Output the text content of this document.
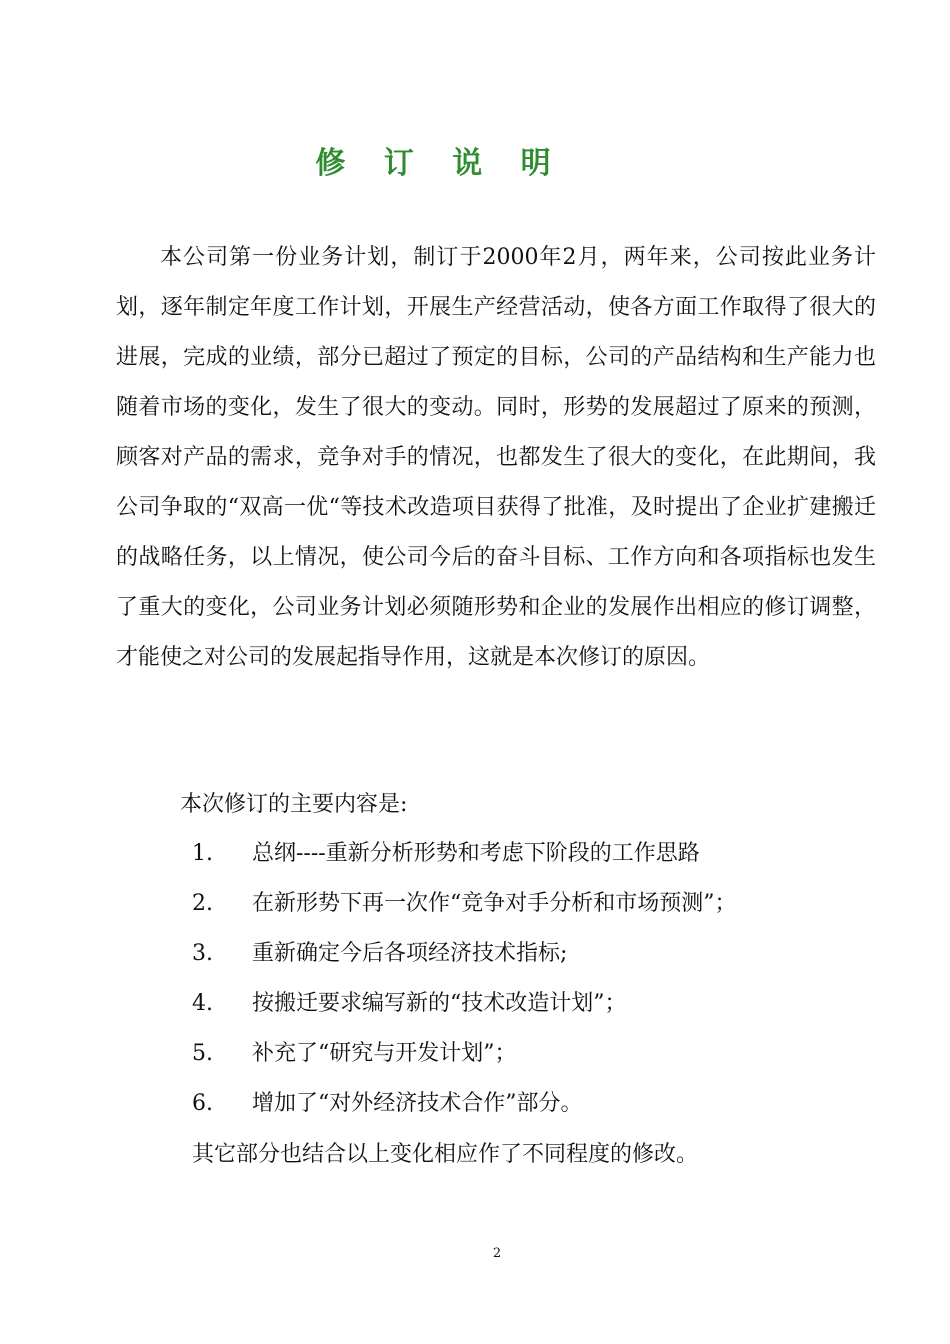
修 订 说 明

本公司第一份业务计划，制订于2000年2月，两年来，公司按此业务计划，逐年制定年度工作计划，开展生产经营活动，使各方面工作取得了很大的进展，完成的业绩，部分已超过了预定的目标，公司的产品结构和生产能力也随着市场的变化，发生了很大的变动。同时，形势的发展超过了原来的预测，顾客对产品的需求，竞争对手的情况，也都发生了很大的变化，在此期间，我公司争取的“双高一优“等技术改造项目获得了批准，及时提出了企业扩建搬迁的战略任务，以上情况，使公司今后的奋斗目标、工作方向和各项指标也发生了重大的变化，公司业务计划必须随形势和企业的发展作出相应的修订调整，才能使之对公司的发展起指导作用，这就是本次修订的原因。

本次修订的主要内容是:

1. 总纲----重新分析形势和考虑下阶段的工作思路
2. 在新形势下再一次作“竞争对手分析和市场预测”；
3. 重新确定今后各项经济技术指标;
4. 按搬迁要求编写新的“技术改造计划”；
5. 补充了“研究与开发计划”；
6. 增加了“对外经济技术合作”部分。

其它部分也结合以上变化相应作了不同程度的修改。

2
